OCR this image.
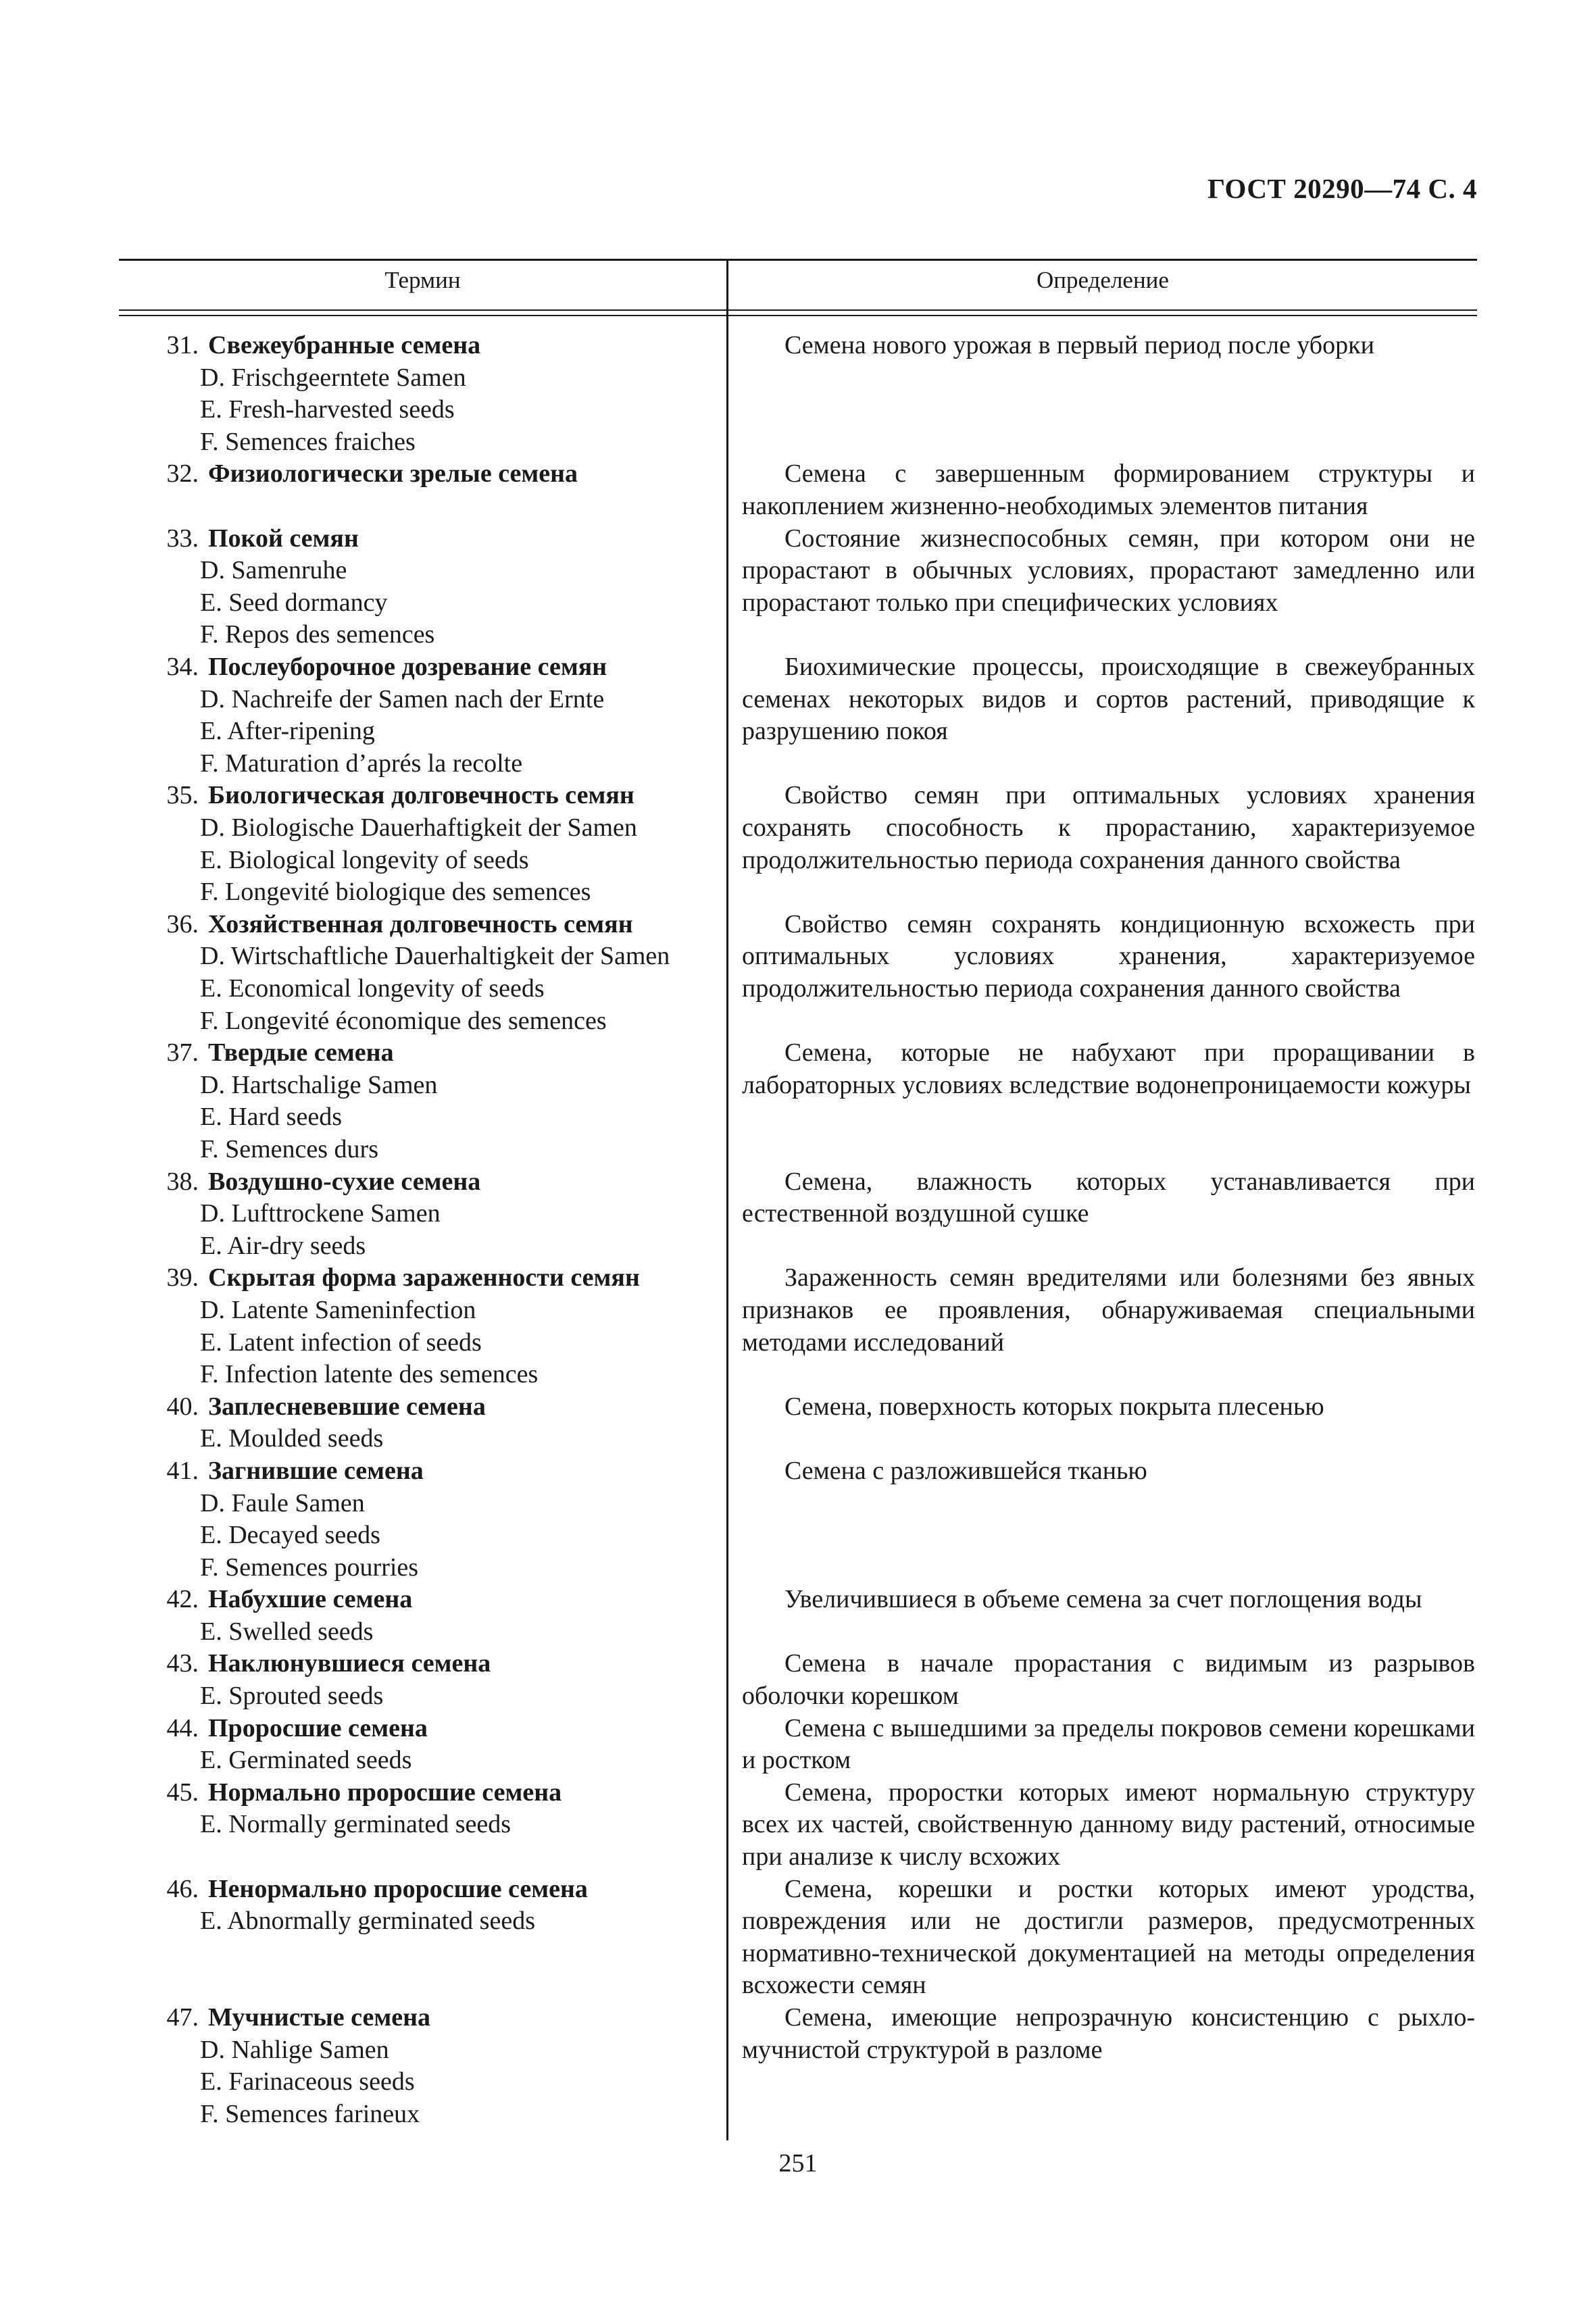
ГОСТ 20290—74 С. 4
Термин	Определение
31. Свежеубранные семена
D. Frischgeerntete Samen
E. Fresh-harvested seeds
F. Semences fraiches
Семена нового урожая в первый период после уборки
32. Физиологически зрелые семена	Семена с завершенным формированием структуры и накоплением жизненно-необходимых элементов питания
33. Покой семян
D. Samenruhe
E. Seed dormancy
F. Repos des semences
Состояние жизнеспособных семян, при котором они не прорастают в обычных условиях, прорастают замедленно или прорастают только при специфических условиях
34. Послеуборочное дозревание семян
D. Nachreife der Samen nach der Ernte
E. After-ripening
F. Maturation d’aprés la recolte
Биохимические процессы, происходящие в свежеубранных семенах некоторых видов и сортов растений, приводящие к разрушению покоя
35. Биологическая долговечность семян
D. Biologische Dauerhaftigkeit der Samen
E. Biological longevity of seeds
F. Longevité biologique des semences
Свойство семян при оптимальных условиях хранения сохранять способность к прорастанию, характеризуемое продолжительностью периода сохранения данного свойства
36. Хозяйственная долговечность семян
D. Wirtschaftliche Dauerhaltigkeit der Samen
E. Economical longevity of seeds
F. Longevité économique des semences
Свойство семян сохранять кондиционную всхожесть при оптимальных условиях хранения, характеризуемое продолжительностью периода сохранения данного свойства
37. Твердые семена
D. Hartschalige Samen
E. Hard seeds
F. Semences durs
Семена, которые не набухают при проращивании в лабораторных условиях вследствие водонепроницаемости кожуры
38. Воздушно-сухие семена
D. Lufttrockene Samen
E. Air-dry seeds
Семена, влажность которых устанавливается при естественной воздушной сушке
39. Скрытая форма зараженности семян
D. Latente Sameninfection
E. Latent infection of seeds
F. Infection latente des semences
Зараженность семян вредителями или болезнями без явных признаков ее проявления, обнаруживаемая специальными методами исследований
40. Заплесневевшие семена
E. Moulded seeds
Семена, поверхность которых покрыта плесенью
41. Загнившие семена
D. Faule Samen
E. Decayed seeds
F. Semences pourries
Семена с разложившейся тканью
42. Набухшие семена
E. Swelled seeds
Увеличившиеся в объеме семена за счет поглощения воды
43. Наклюнувшиеся семена
E. Sprouted seeds
Семена в начале прорастания с видимым из разрывов оболочки корешком
44. Проросшие семена
E. Germinated seeds
Семена с вышедшими за пределы покровов семени корешками и ростком
45. Нормально проросшие семена
E. Normally germinated seeds
Семена, проростки которых имеют нормальную структуру всех их частей, свойственную данному виду растений, относимые при анализе к числу всхожих
46. Ненормально проросшие семена
E. Abnormally germinated seeds
Семена, корешки и ростки которых имеют уродства, повреждения или не достигли размеров, предусмотренных нормативно-технической документацией на методы определения всхожести семян
47. Мучнистые семена
D. Nahlige Samen
E. Farinaceous seeds
F. Semences farineux
Семена, имеющие непрозрачную консистенцию с рыхло-мучнистой структурой в разломе
251
